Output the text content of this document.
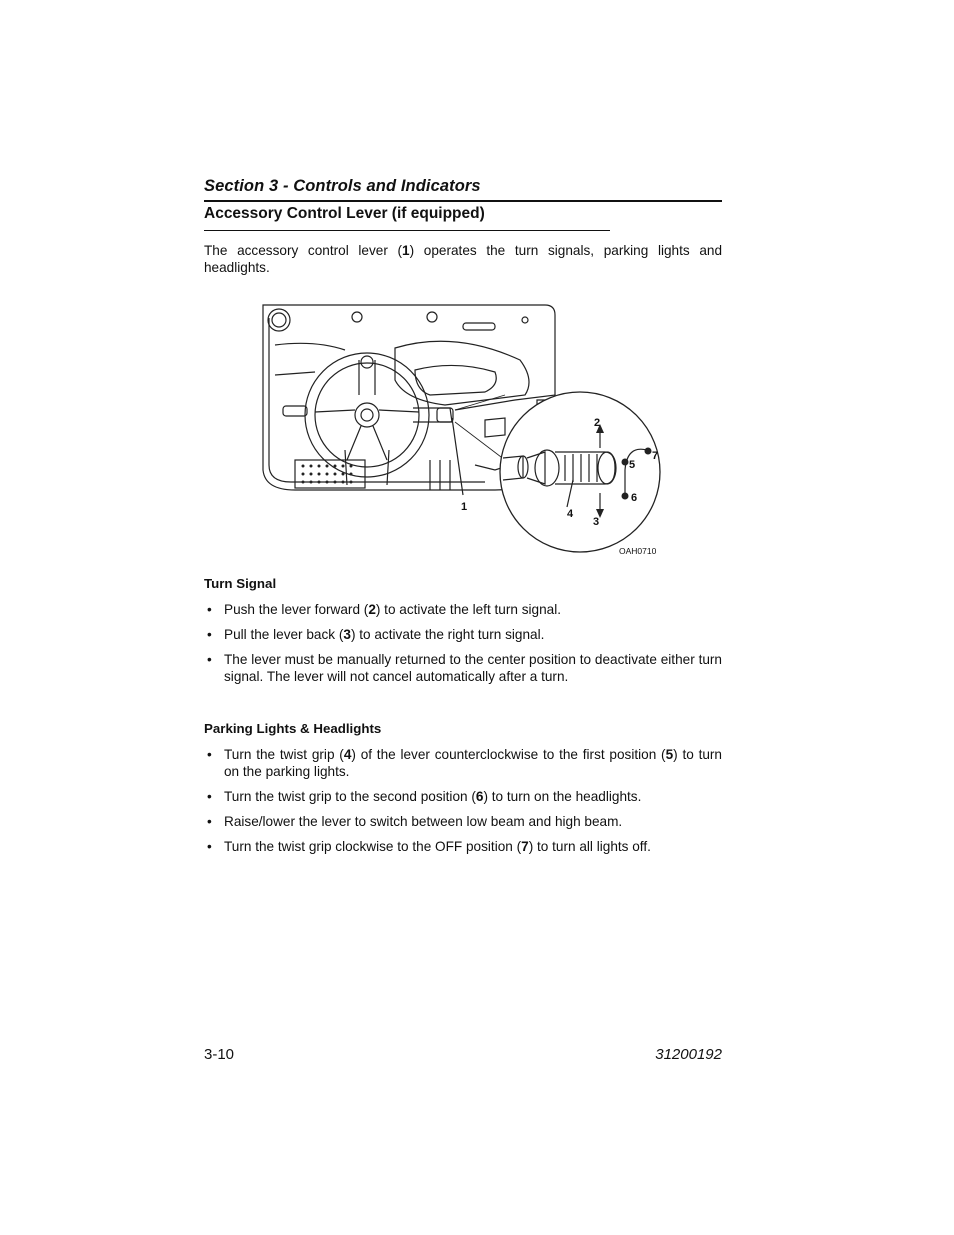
Section 3 - Controls and Indicators
Accessory Control Lever (if equipped)
The accessory control lever (1) operates the turn signals, parking lights and headlights.
1
2
3
4
5
6
7
OAH0710
Turn Signal
• Push the lever forward (2) to activate the left turn signal.
• Pull the lever back (3) to activate the right turn signal.
• The lever must be manually returned to the center position to deactivate either turn signal. The lever will not cancel automatically after a turn.
Parking Lights & Headlights
• Turn the twist grip (4) of the lever counterclockwise to the first position (5) to turn on the parking lights.
• Turn the twist grip to the second position (6) to turn on the headlights.
• Raise/lower the lever to switch between low beam and high beam.
• Turn the twist grip clockwise to the OFF position (7) to turn all lights off.
3-10	31200192
